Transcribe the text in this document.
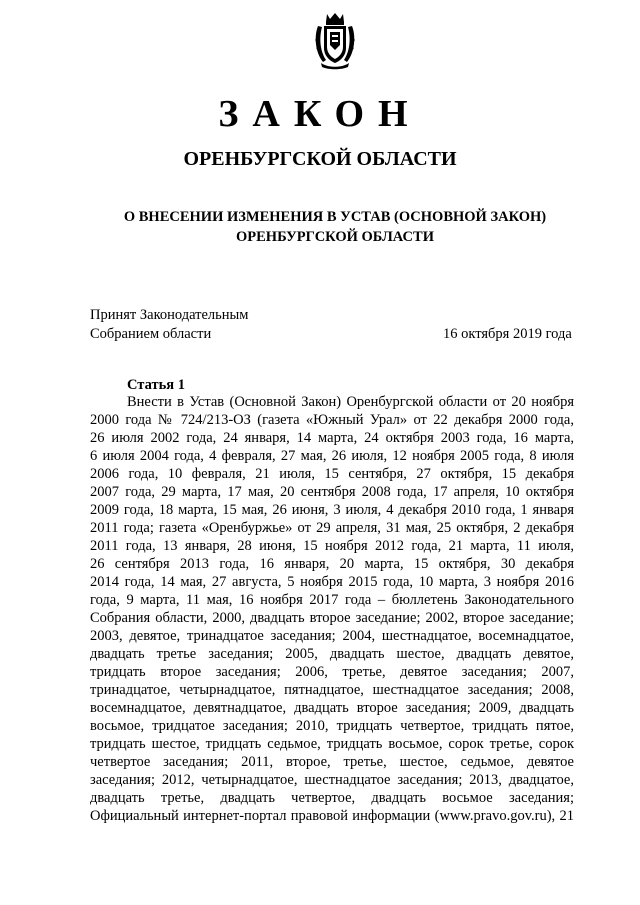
ЗАКОН
ОРЕНБУРГСКОЙ ОБЛАСТИ
О ВНЕСЕНИИ ИЗМЕНЕНИЯ В УСТАВ (ОСНОВНОЙ ЗАКОН)
ОРЕНБУРГСКОЙ ОБЛАСТИ
Принят Законодательным
Собранием области	16 октября 2019 года
Статья 1
Внести в Устав (Основной Закон) Оренбургской области от 20 ноября
2000 года № 724/213-ОЗ (газета «Южный Урал» от 22 декабря 2000 года,
26 июля 2002 года, 24 января, 14 марта, 24 октября 2003 года, 16 марта,
6 июля 2004 года, 4 февраля, 27 мая, 26 июля, 12 ноября 2005 года, 8 июля
2006 года, 10 февраля, 21 июля, 15 сентября, 27 октября, 15 декабря
2007 года, 29 марта, 17 мая, 20 сентября 2008 года, 17 апреля, 10 октября
2009 года, 18 марта, 15 мая, 26 июня, 3 июля, 4 декабря 2010 года, 1 января
2011 года; газета «Оренбуржье» от 29 апреля, 31 мая, 25 октября, 2 декабря
2011 года, 13 января, 28 июня, 15 ноября 2012 года, 21 марта, 11 июля,
26 сентября 2013 года, 16 января, 20 марта, 15 октября, 30 декабря
2014 года, 14 мая, 27 августа, 5 ноября 2015 года, 10 марта, 3 ноября 2016
года, 9 марта, 11 мая, 16 ноября 2017 года – бюллетень Законодательного
Собрания области, 2000, двадцать второе заседание; 2002, второе заседание;
2003, девятое, тринадцатое заседания; 2004, шестнадцатое, восемнадцатое,
двадцать третье заседания; 2005, двадцать шестое, двадцать девятое,
тридцать второе заседания; 2006, третье, девятое заседания; 2007,
тринадцатое, четырнадцатое, пятнадцатое, шестнадцатое заседания; 2008,
восемнадцатое, девятнадцатое, двадцать второе заседания; 2009, двадцать
восьмое, тридцатое заседания; 2010, тридцать четвертое, тридцать пятое,
тридцать шестое, тридцать седьмое, тридцать восьмое, сорок третье, сорок
четвертое заседания; 2011, второе, третье, шестое, седьмое, девятое
заседания; 2012, четырнадцатое, шестнадцатое заседания; 2013, двадцатое,
двадцать третье, двадцать четвертое, двадцать восьмое заседания;
Официальный интернет-портал правовой информации (www.pravo.gov.ru), 21
